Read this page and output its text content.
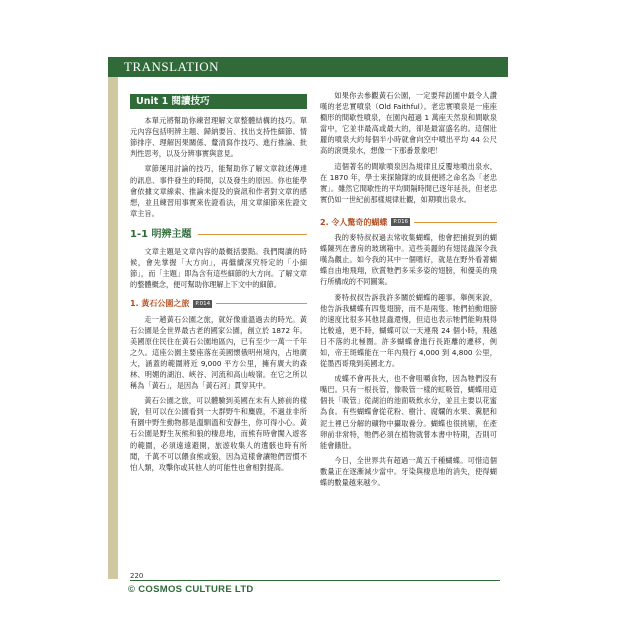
TRANSLATION
Unit 1 閱讀技巧

本單元將幫助你練習理解文章整體結構的技巧。單元內容包括明辨主題、歸納要旨、找出支持性細節、情節排序、理解因果關係、釐清寫作技巧、進行推論、批判性思考，以及分辨事實與意見。

章節運用討論的技巧，能幫助你了解文章敘述傳達的訊息、事件發生的時間，以及發生的原因。你也能學會依據文章線索、推論未提及的資訊和作者對文章的感想，並且練習用事實來佐證看法，用文章細節來佐證文章主旨。

1-1 明辨主題

文章主題是文章內容的最概括要點。我們閱讀的時候，會先掌握「大方向」，再繼續深究特定的「小細節」，而「主題」即為含有這些細節的大方向。了解文章的整體概念，便可幫助你理解上下文中的細節。

1. 黃石公園之旅	P.014

走一趟黃石公園之旅，就好像重溫過去的時光。黃石公園是全世界最古老的國家公園，創立於 1872 年。美國原住民住在黃石公園地區內，已有至少一萬一千年之久。這座公園主要座落在美國懷俄明州境內，占地廣大，涵蓋的範圍將近 9,000 平方公里，擁有廣大的森林、明媚的湖泊、峽谷、河流和高山峻嶺。在它之所以稱為「黃石」，是因為「黃石河」貫穿其中。

黃石公園之旅，可以體驗到美國在未有人跡前的樣貌，但可以在公園看到一大群野牛和麋鹿，不過並非所有園中野生動物都是溫馴溫和安靜生，你可得小心。黃石公園是野生灰熊和狼的棲息地，而熊有時會闖入遊客的範圍，必須遠遠避開，旅遊收集人的遺骸也時有所聞，千萬不可以餵食熊或狼，因為這樣會讓牠們習慣不怕人類，攻擊你或其他人的可能性也會相對提高。

如果你去參觀黃石公園，一定要拜訪園中最令人讚嘆的老忠實噴泉（Old Faithful）。老忠實噴泉是一座座橢形的間歇性噴泉，在園內超過 1 萬座天然泉和間歇泉當中，它並非最高或最大的，卻是最富盛名的。這個壯麗的噴泉大約每個半小時就會向空中噴出平均 44 公尺高的滾燙泉水，想像一下那番景象吧！

這個著名的間歇噴泉因為規律且反覆地噴出泉水，在 1870 年，學士來探險隊的成員便將之命名為「老忠實」。雖然它間歇性的平均間隔時間已逐年延長，但老忠實仍如一世紀前那樣規律壯觀，如期噴出泉水。

2. 令人驚奇的蝴蝶	P.016

我的麥特叔叔過去常收集蝴蝶，他會把捕捉到的蝴蝶陳列在書房的玻璃箱中。這些美麗的有翅昆蟲深令我嘆為觀止。如今我的其中一個嗜好，就是在野外看著蝴蝶自由地飛翔，欣賞牠們多采多姿的翅膀，和優美的飛行所構成的不同圖案。

麥特叔叔告訴我許多關於蝴蝶的趣事。舉例來說，他告訴我蝴蝶有四隻翅膀，而不是兩隻。牠們拍動翅膀的速度比很多其他昆蟲還慢，但這也表示牠們能夠飛得比較遠，更不時，蝴蝶可以一天連飛 24 個小時，飛越日不落的北極圈。許多蝴蝶會進行長距離的遷移，例如，帝王斑蝶能在一年內飛行 4,000 到 4,800 公里，從墨西哥飛到美國北方。

成蝶不會再長大，也不會咀嚼食物，因為牠們沒有嘴巴。只有一根長管，像吸管一樣的虹吸管，蝴蝶用這個長「吸管」從湖泊的池面吸飲水分，並且主要以花蜜為食。有些蝴蝶會從花粉、樹汁、腐爛的水果、糞肥和泥土裡已分解的礦物中攝取養分。蝴蝶也很挑剔，在產卵前非常特，牠們必須在植物就嘗本書中特期，否則可能會餓肚。

今日，全世界共有超過一萬五千種蝴蝶。可惜這個數量正在逐漸減少當中。牙染與棲息地的消失，使得蝴蝶的數量越來越少。

220
© COSMOS CULTURE LTD
